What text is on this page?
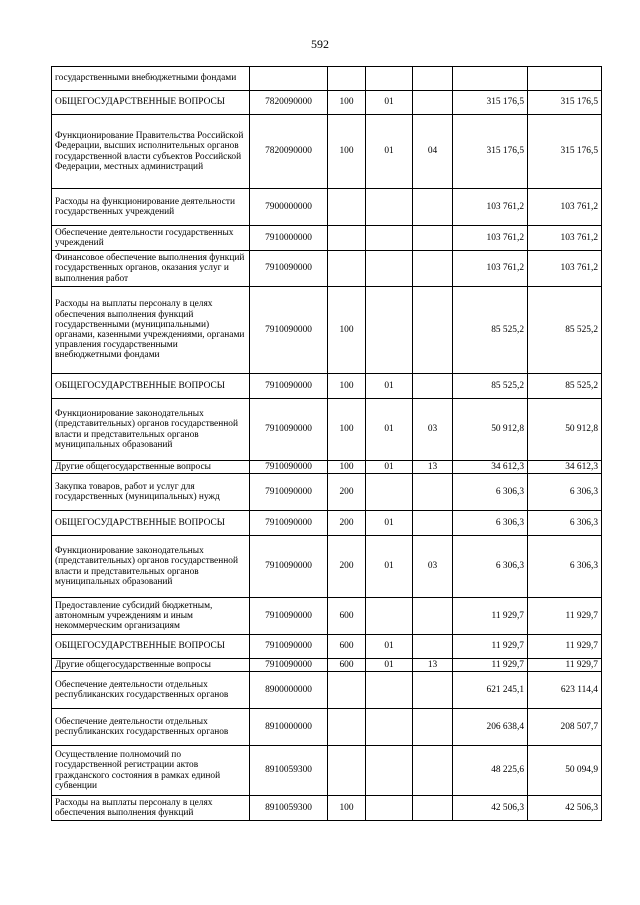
592
государственными внебюджетными фондами						
ОБЩЕГОСУДАРСТВЕННЫЕ ВОПРОСЫ	7820090000	100	01		315 176,5	315 176,5
Функционирование Правительства Российской Федерации, высших исполнительных органов государственной власти субъектов Российской Федерации, местных администраций	7820090000	100	01	04	315 176,5	315 176,5
Расходы на функционирование деятельности государственных учреждений	7900000000				103 761,2	103 761,2
Обеспечение деятельности государственных учреждений	7910000000				103 761,2	103 761,2
Финансовое обеспечение выполнения функций государственных органов, оказания услуг и выполнения работ	7910090000				103 761,2	103 761,2
Расходы на выплаты персоналу в целях обеспечения выполнения функций государственными (муниципальными) органами, казенными учреждениями, органами управления государственными внебюджетными фондами	7910090000	100			85 525,2	85 525,2
ОБЩЕГОСУДАРСТВЕННЫЕ ВОПРОСЫ	7910090000	100	01		85 525,2	85 525,2
Функционирование законодательных (представительных) органов государственной власти и представительных органов муниципальных образований	7910090000	100	01	03	50 912,8	50 912,8
Другие общегосударственные вопросы	7910090000	100	01	13	34 612,3	34 612,3
Закупка товаров, работ и услуг для государственных (муниципальных) нужд	7910090000	200			6 306,3	6 306,3
ОБЩЕГОСУДАРСТВЕННЫЕ ВОПРОСЫ	7910090000	200	01		6 306,3	6 306,3
Функционирование законодательных (представительных) органов государственной власти и представительных органов муниципальных образований	7910090000	200	01	03	6 306,3	6 306,3
Предоставление субсидий бюджетным, автономным учреждениям и иным некоммерческим организациям	7910090000	600			11 929,7	11 929,7
ОБЩЕГОСУДАРСТВЕННЫЕ ВОПРОСЫ	7910090000	600	01		11 929,7	11 929,7
Другие общегосударственные вопросы	7910090000	600	01	13	11 929,7	11 929,7
Обеспечение деятельности отдельных республиканских государственных органов	8900000000				621 245,1	623 114,4
Обеспечение деятельности отдельных республиканских государственных органов	8910000000				206 638,4	208 507,7
Осуществление полномочий по государственной регистрации актов гражданского состояния в рамках единой субвенции	8910059300				48 225,6	50 094,9
Расходы на выплаты персоналу в целях обеспечения выполнения функций	8910059300	100			42 506,3	42 506,3
